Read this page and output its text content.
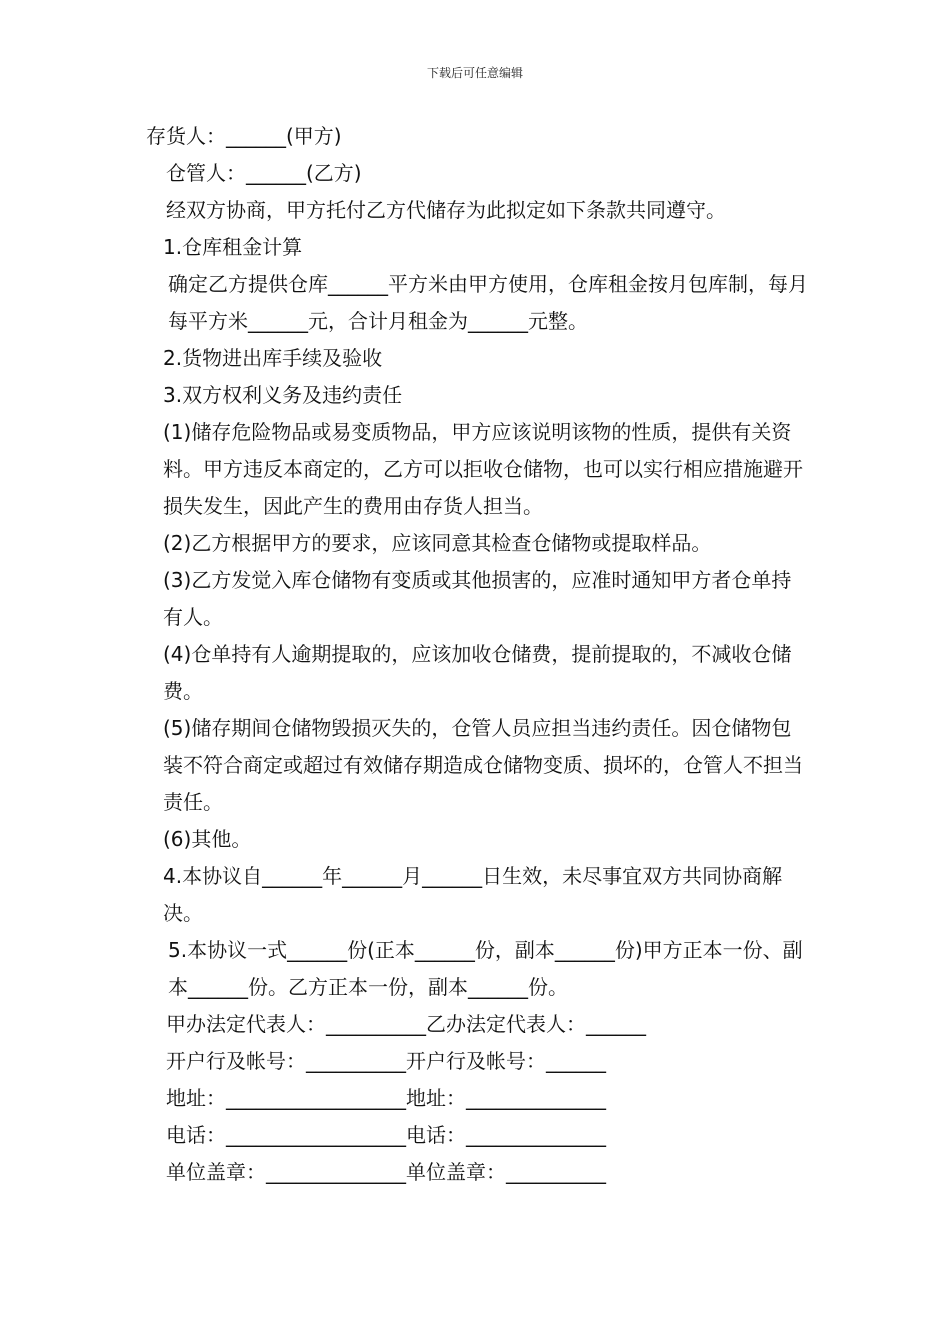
下载后可任意编辑

存货人：______(甲方)

仓管人：______(乙方)

经双方协商，甲方托付乙方代储存为此拟定如下条款共同遵守。

1.仓库租金计算

确定乙方提供仓库______平方米由甲方使用，仓库租金按月包库制，每月每平方米______元，合计月租金为______元整。

2.货物进出库手续及验收

3.双方权利义务及违约责任

(1)储存危险物品或易变质物品，甲方应该说明该物的性质，提供有关资料。甲方违反本商定的，乙方可以拒收仓储物，也可以实行相应措施避开损失发生，因此产生的费用由存货人担当。

(2)乙方根据甲方的要求，应该同意其检查仓储物或提取样品。

(3)乙方发觉入库仓储物有变质或其他损害的，应准时通知甲方者仓单持有人。

(4)仓单持有人逾期提取的，应该加收仓储费，提前提取的，不减收仓储费。

(5)储存期间仓储物毁损灭失的，仓管人员应担当违约责任。因仓储物包装不符合商定或超过有效储存期造成仓储物变质、损坏的，仓管人不担当责任。

(6)其他。

4.本协议自______年______月______日生效，未尽事宜双方共同协商解决。

5.本协议一式______份(正本______份，副本______份)甲方正本一份、副本______份。乙方正本一份，副本______份。

甲办法定代表人：__________乙办法定代表人：______

开户行及帐号：__________开户行及帐号：______

地址：__________________地址：______________

电话：__________________电话：______________

单位盖章：______________单位盖章：__________
